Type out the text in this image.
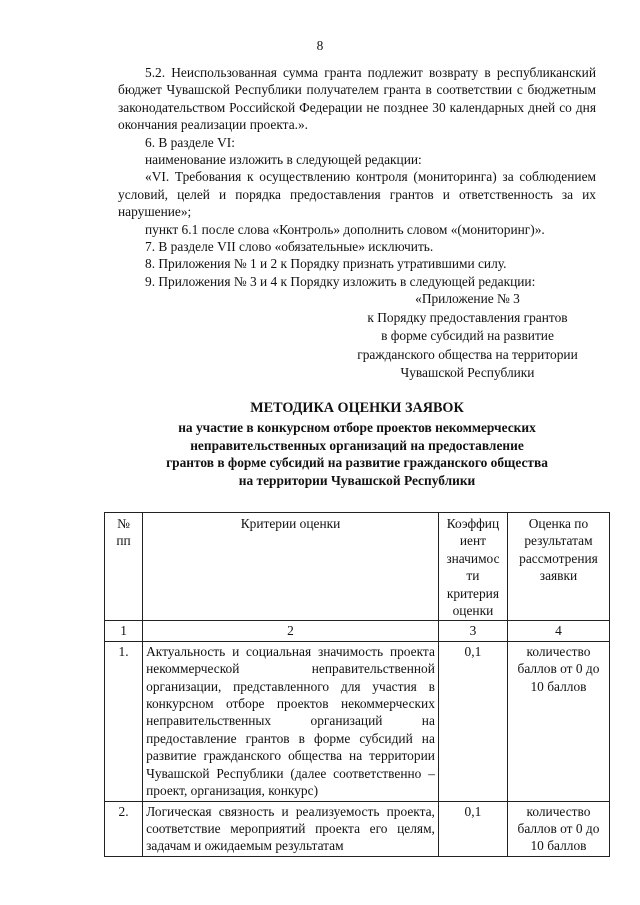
8

5.2. Неиспользованная сумма гранта подлежит возврату в республиканский бюджет Чувашской Республики получателем гранта в соответствии с бюджетным законодательством Российской Федерации не позднее 30 календарных дней со дня окончания реализации проекта.».

6. В разделе VI:

наименование изложить в следующей редакции:

«VI. Требования к осуществлению контроля (мониторинга) за соблюдением условий, целей и порядка предоставления грантов и ответственность за их нарушение»;

пункт 6.1 после слова «Контроль» дополнить словом «(мониторинг)».

7. В разделе VII слово «обязательные» исключить.

8. Приложения № 1 и 2 к Порядку признать утратившими силу.

9. Приложения № 3 и 4 к Порядку изложить в следующей редакции:

«Приложение № 3
к Порядку предоставления грантов
в форме субсидий на развитие
гражданского общества на территории
Чувашской Республики
МЕТОДИКА ОЦЕНКИ ЗАЯВОК
на участие в конкурсном отборе проектов некоммерческих
неправительственных организаций на предоставление
грантов в форме субсидий на развитие гражданского общества
на территории Чувашской Республики
№ пп	Критерии оценки	Коэффициент значимости критерия оценки	Оценка по результатам рассмотрения заявки

1	2	3	4
1.	Актуальность и социальная значимость проекта некоммерческой неправительственной организации, представленного для участия в конкурсном отборе проектов некоммерческих неправительственных организаций на предоставление грантов в форме субсидий на развитие гражданского общества на территории Чувашской Республики (далее соответственно – проект, организация, конкурс)	0,1	количество баллов от 0 до 10 баллов
2.	Логическая связность и реализуемость проекта, соответствие мероприятий проекта его целям, задачам и ожидаемым результатам	0,1	количество баллов от 0 до 10 баллов
